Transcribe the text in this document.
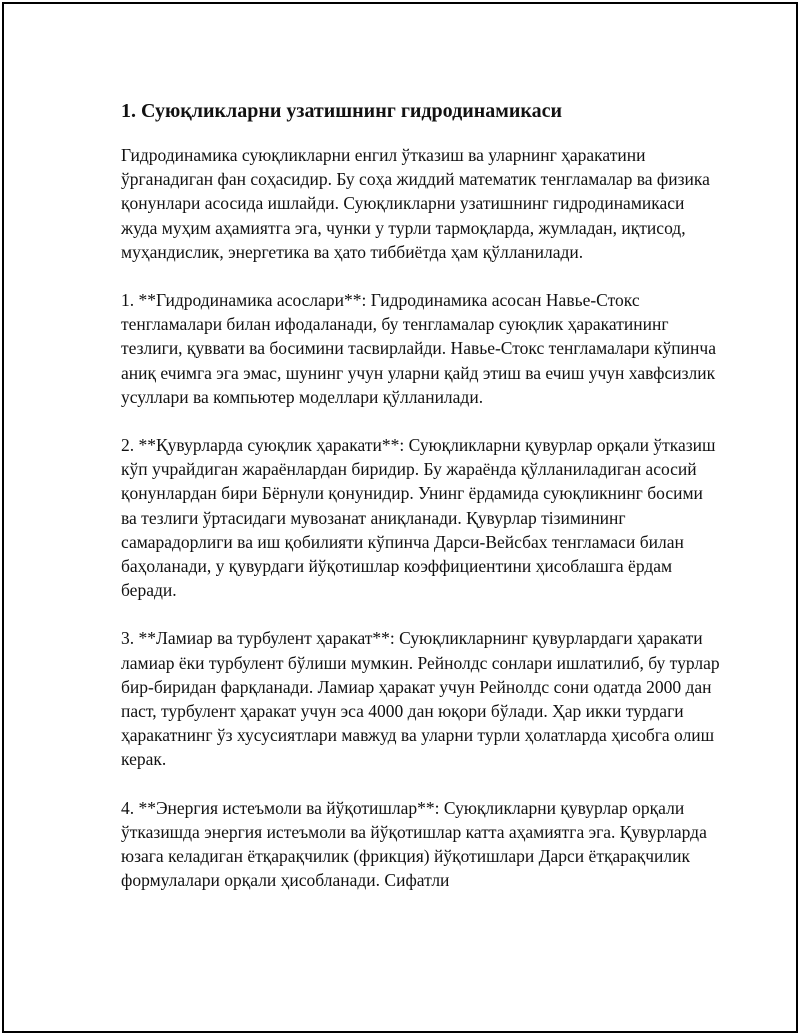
1. Суюқликларни узатишнинг гидродинамикаси

Гидродинамика суюқликларни енгил ўтказиш ва уларнинг ҳаракатини ўрганадиган фан соҳасидир. Бу соҳа жиддий математик тенгламалар ва физика қонунлари асосида ишлайди. Суюқликларни узатишнинг гидродинамикаси жуда муҳим аҳамиятга эга, чунки у турли тармоқларда, жумладан, иқтисод, муҳандислик, энергетика ва ҳато тиббиётда ҳам қўлланилади.

1. **Гидродинамика асослари**: Гидродинамика асосан Навье-Стокс тенгламалари билан ифодаланади, бу тенгламалар суюқлик ҳаракатининг тезлиги, қуввати ва босимини тасвирлайди. Навье-Стокс тенгламалари кўпинча аниқ ечимга эга эмас, шунинг учун уларни қайд этиш ва ечиш учун хавфсизлик усуллари ва компьютер моделлари қўлланилади.

2. **Қувурларда суюқлик ҳаракати**: Суюқликларни қувурлар орқали ўтказиш кўп учрайдиган жараёнлардан биридир. Бу жараёнда қўлланиладиган асосий қонунлардан бири Бёрнули қонунидир. Унинг ёрдамида суюқликнинг босими ва тезлиги ўртасидаги мувозанат аниқланади. Қувурлар тізимининг самарадорлиги ва иш қобилияти кўпинча Дарси-Вейсбах тенгламаси билан баҳоланади, у қувурдаги йўқотишлар коэффициентини ҳисоблашга ёрдам беради.

3. **Ламиар ва турбулент ҳаракат**: Суюқликларнинг қувурлардаги ҳаракати ламиар ёки турбулент бўлиши мумкин. Рейнолдс сонлари ишлатилиб, бу турлар бир-биридан фарқланади. Ламиар ҳаракат учун Рейнолдс сони одатда 2000 дан паст, турбулент ҳаракат учун эса 4000 дан юқори бўлади. Ҳар икки турдаги ҳаракатнинг ўз хусусиятлари мавжуд ва уларни турли ҳолатларда ҳисобга олиш керак.

4. **Энергия истеъмоли ва йўқотишлар**: Суюқликларни қувурлар орқали ўтказишда энергия истеъмоли ва йўқотишлар катта аҳамиятга эга. Қувурларда юзага келадиган ётқарақчилик (фрикция) йўқотишлари Дарси ётқарақчилик формулалари орқали ҳисобланади. Сифатли
